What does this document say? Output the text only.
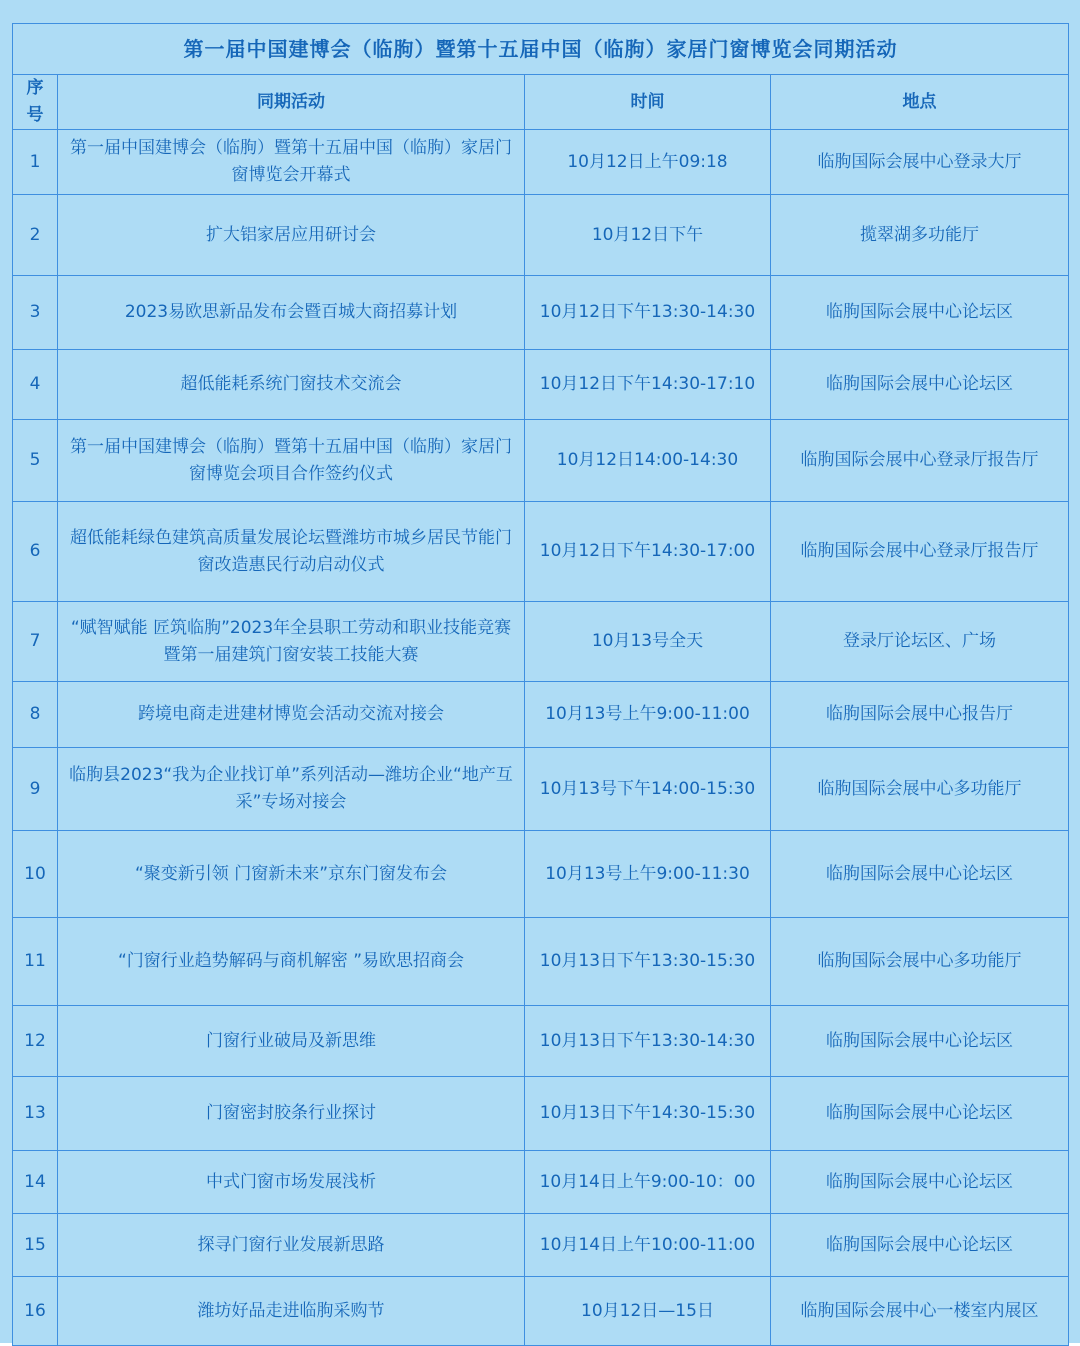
第一届中国建博会（临朐）暨第十五届中国（临朐）家居门窗博览会同期活动			
序号	同期活动	时间	地点
1	第一届中国建博会（临朐）暨第十五届中国（临朐）家居门窗博览会开幕式	10月12日上午09:18	临朐国际会展中心登录大厅
2	扩大铝家居应用研讨会	10月12日下午	揽翠湖多功能厅
3	2023易欧思新品发布会暨百城大商招募计划	10月12日下午13:30-14:30	临朐国际会展中心论坛区
4	超低能耗系统门窗技术交流会	10月12日下午14:30-17:10	临朐国际会展中心论坛区
5	第一届中国建博会（临朐）暨第十五届中国（临朐）家居门窗博览会项目合作签约仪式	10月12日14:00-14:30	临朐国际会展中心登录厅报告厅
6	超低能耗绿色建筑高质量发展论坛暨潍坊市城乡居民节能门窗改造惠民行动启动仪式	10月12日下午14:30-17:00	临朐国际会展中心登录厅报告厅
7	“赋智赋能 匠筑临朐”2023年全县职工劳动和职业技能竞赛暨第一届建筑门窗安装工技能大赛	10月13号全天	登录厅论坛区、广场
8	跨境电商走进建材博览会活动交流对接会	10月13号上午9:00-11:00	临朐国际会展中心报告厅
9	临朐县2023“我为企业找订单”系列活动—潍坊企业“地产互采”专场对接会	10月13号下午14:00-15:30	临朐国际会展中心多功能厅
10	“聚变新引领 门窗新未来”京东门窗发布会	10月13号上午9:00-11:30	临朐国际会展中心论坛区
11	“门窗行业趋势解码与商机解密 ”易欧思招商会	10月13日下午13:30-15:30	临朐国际会展中心多功能厅
12	门窗行业破局及新思维	10月13日下午13:30-14:30	临朐国际会展中心论坛区
13	门窗密封胶条行业探讨	10月13日下午14:30-15:30	临朐国际会展中心论坛区
14	中式门窗市场发展浅析	10月14日上午9:00-10：00	临朐国际会展中心论坛区
15	探寻门窗行业发展新思路	10月14日上午10:00-11:00	临朐国际会展中心论坛区
16	潍坊好品走进临朐采购节	10月12日—15日	临朐国际会展中心一楼室内展区
